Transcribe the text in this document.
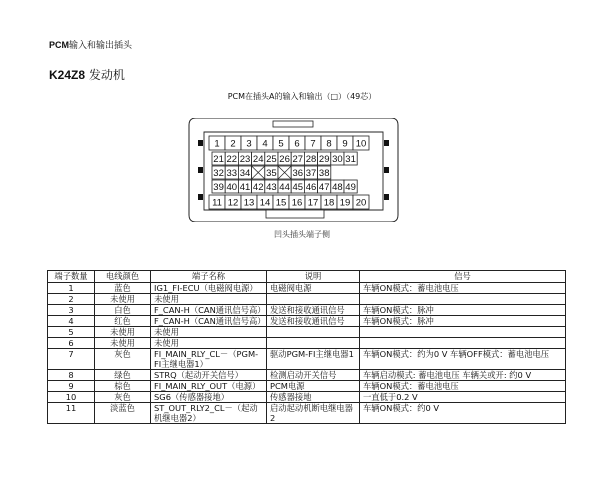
PCM输入和输出插头
K24Z8 发动机
PCM在插头A的输入和输出（□）（49芯）
1 2 3 4 5 6 7 8 9 10
21 22 23 24 25 26 27 28 29 30 31
32 33 34 35 36 37 38
39 40 41 42 43 44 45 46 47 48 49
11 12 13 14 15 16 17 18 19 20
凹头插头端子侧
端子数量	电线颜色	端子名称	说明	信号
1	蓝色	IG1_FI-ECU（电磁阀电源）	电磁阀电源	车辆ON模式：蓄电池电压
2	未使用	未使用		
3	白色	F_CAN-H（CAN通讯信号高）	发送和接收通讯信号	车辆ON模式：脉冲
4	红色	F_CAN-H（CAN通讯信号高）	发送和接收通讯信号	车辆ON模式：脉冲
5	未使用	未使用		
6	未使用	未使用		
7	灰色	FI_MAIN_RLY_CL－（PGM-FI主继电器1）	驱动PGM-FI主继电器1	车辆ON模式：约为0 V 车辆OFF模式：蓄电池电压
8	绿色	STRQ（起动开关信号）	检测启动开关信号	车辆启动模式: 蓄电池电压 车辆关或开: 约0 V
9	棕色	FI_MAIN_RLY_OUT（电源）	PCM电源	车辆ON模式：蓄电池电压
10	灰色	SG6（传感器接地）	传感器接地	一直低于0.2 V
11	淡蓝色	ST_OUT_RLY2_CL－（起动机继电器2）	启动起动机断电继电器2	车辆ON模式：约0 V
